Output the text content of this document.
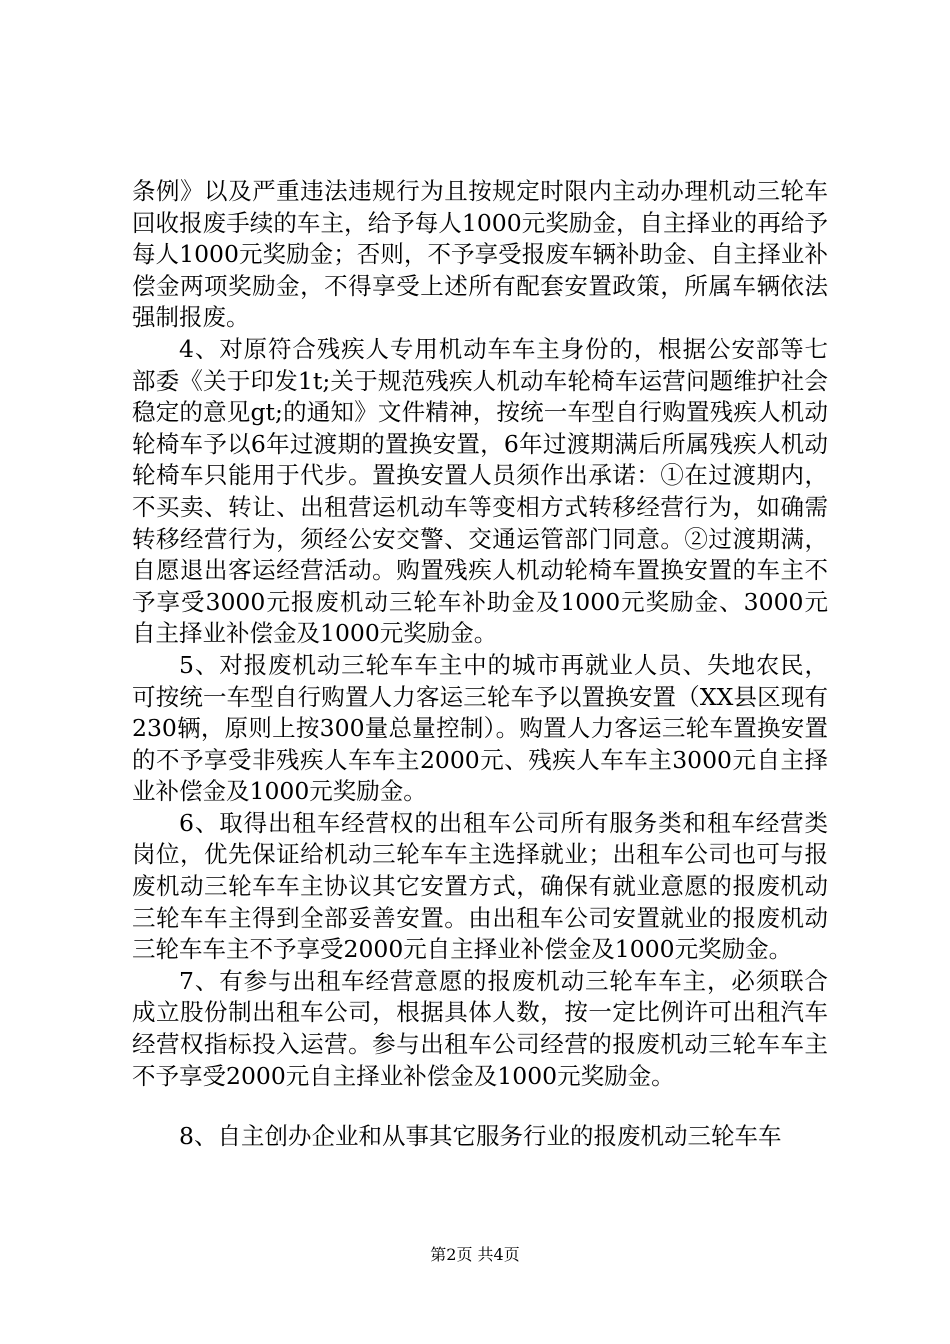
条例》以及严重违法违规行为且按规定时限内主动办理机动三轮车回收报废手续的车主，给予每人1000元奖励金，自主择业的再给予每人1000元奖励金；否则，不予享受报废车辆补助金、自主择业补偿金两项奖励金，不得享受上述所有配套安置政策，所属车辆依法强制报废。

4、对原符合残疾人专用机动车车主身份的，根据公安部等七部委《关于印发1t;关于规范残疾人机动车轮椅车运营问题维护社会稳定的意见gt;的通知》文件精神，按统一车型自行购置残疾人机动轮椅车予以6年过渡期的置换安置，6年过渡期满后所属残疾人机动轮椅车只能用于代步。置换安置人员须作出承诺：①在过渡期内，不买卖、转让、出租营运机动车等变相方式转移经营行为，如确需转移经营行为，须经公安交警、交通运管部门同意。②过渡期满，自愿退出客运经营活动。购置残疾人机动轮椅车置换安置的车主不予享受3000元报废机动三轮车补助金及1000元奖励金、3000元自主择业补偿金及1000元奖励金。

5、对报废机动三轮车车主中的城市再就业人员、失地农民，可按统一车型自行购置人力客运三轮车予以置换安置（XX县区现有230辆，原则上按300量总量控制）。购置人力客运三轮车置换安置的不予享受非残疾人车车主2000元、残疾人车车主3000元自主择业补偿金及1000元奖励金。

6、取得出租车经营权的出租车公司所有服务类和租车经营类岗位，优先保证给机动三轮车车主选择就业；出租车公司也可与报废机动三轮车车主协议其它安置方式，确保有就业意愿的报废机动三轮车车主得到全部妥善安置。由出租车公司安置就业的报废机动三轮车车主不予享受2000元自主择业补偿金及1000元奖励金。

7、有参与出租车经营意愿的报废机动三轮车车主，必须联合成立股份制出租车公司，根据具体人数，按一定比例许可出租汽车经营权指标投入运营。参与出租车公司经营的报废机动三轮车车主不予享受2000元自主择业补偿金及1000元奖励金。

8、自主创办企业和从事其它服务行业的报废机动三轮车车

第2页 共4页
